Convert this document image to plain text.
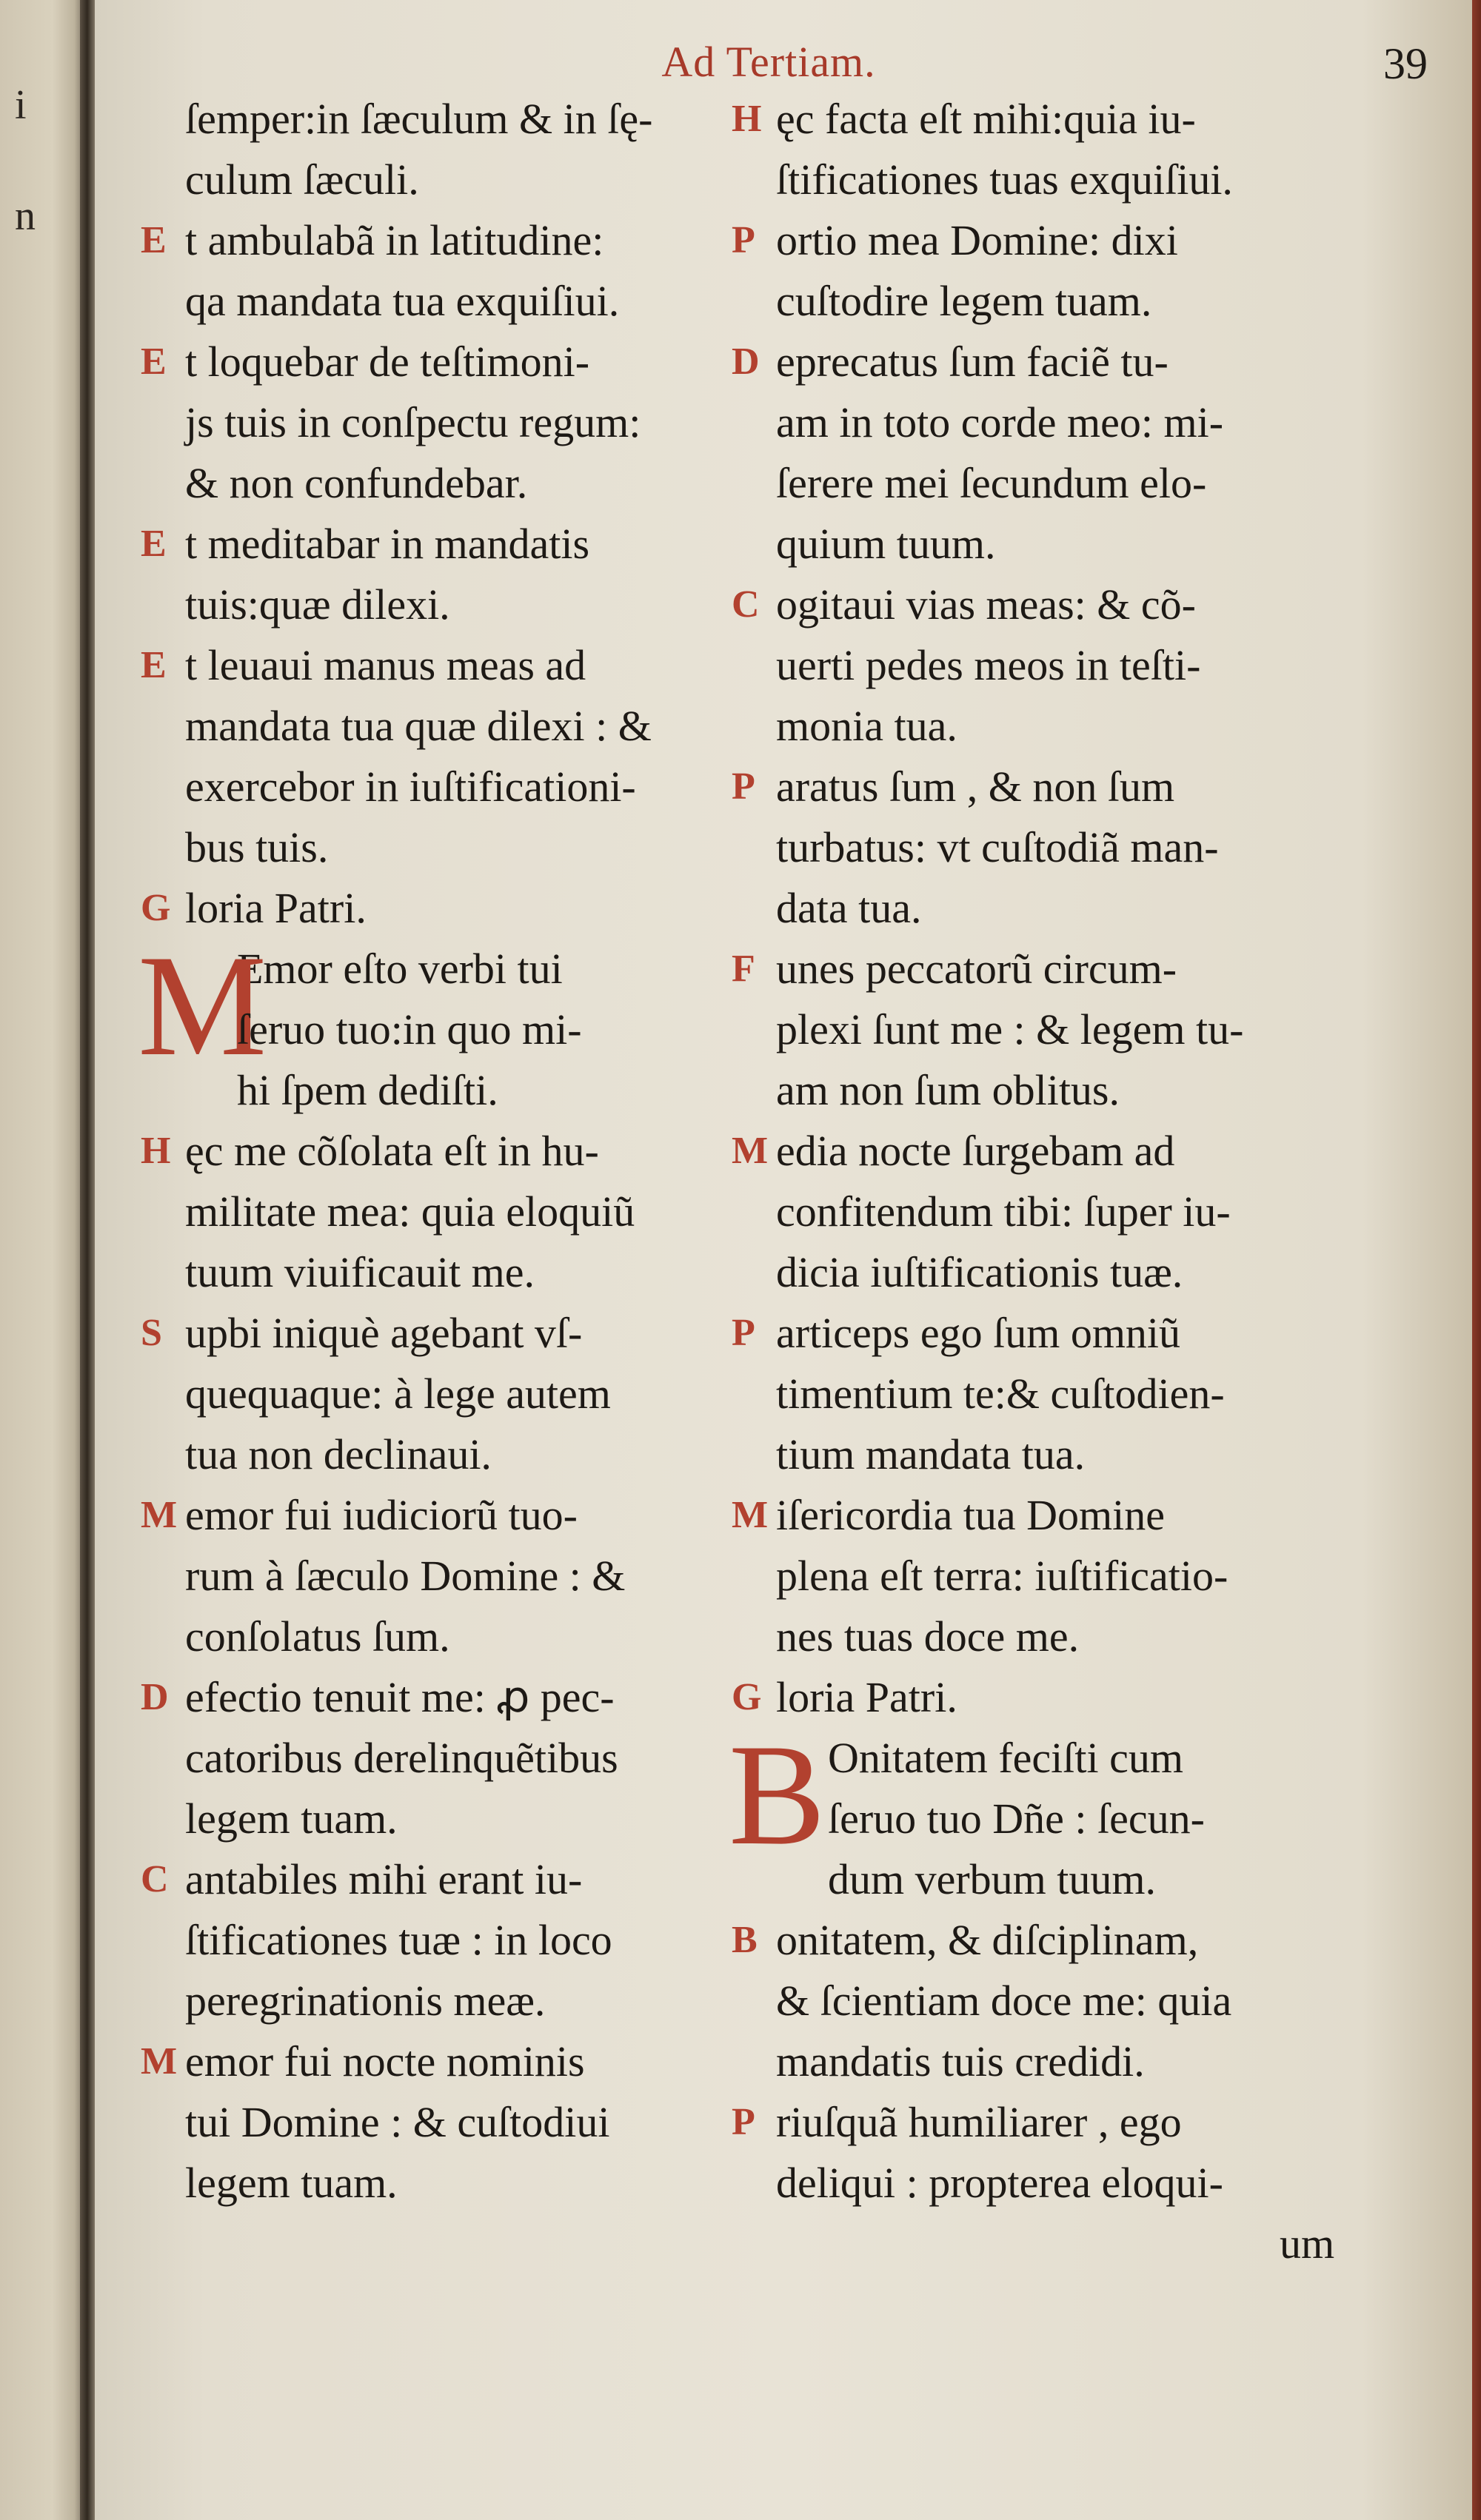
i
n
Ad Tertiam.	39
ſemper:in ſæculum & in ſę-
culum ſæculi.
E t ambulabã in latitudine:
qa mandata tua exquiſiui.
E t loquebar de teſtimoni-
js tuis in conſpectu regum:
& non confundebar.
E t meditabar in mandatis
tuis:quæ dilexi.
E t leuaui manus meas ad
mandata tua quæ dilexi : &
exercebor in iuſtificationi-
bus tuis.
G loria Patri.
M
Emor eſto verbi tui
ſeruo tuo:in quo mi-
hi ſpem dediſti.
H ęc me cõſolata eſt in hu-
militate mea: quia eloquiũ
tuum viuificauit me.
S upbi iniquè agebant vſ-
quequaque: à lege autem
tua non declinaui.
M emor fui iudiciorũ tuo-
rum à ſæculo Domine : &
conſolatus ſum.
D efectio tenuit me: ꝓ pec-
catoribus derelinquẽtibus
legem tuam.
C antabiles mihi erant iu-
ſtificationes tuæ : in loco
peregrinationis meæ.
M emor fui nocte nominis
tui Domine : & cuſtodiui
legem tuam.
H ęc facta eſt mihi:quia iu-
ſtificationes tuas exquiſiui.
P ortio mea Domine: dixi
cuſtodire legem tuam.
D eprecatus ſum faciẽ tu-
am in toto corde meo: mi-
ſerere mei ſecundum elo-
quium tuum.
C ogitaui vias meas: & cõ-
uerti pedes meos in teſti-
monia tua.
P aratus ſum , & non ſum
turbatus: vt cuſtodiã man-
data tua.
F unes peccatorũ circum-
plexi ſunt me : & legem tu-
am non ſum oblitus.
M edia nocte ſurgebam ad
confitendum tibi: ſuper iu-
dicia iuſtificationis tuæ.
P articeps ego ſum omniũ
timentium te:& cuſtodien-
tium mandata tua.
M iſericordia tua Domine
plena eſt terra: iuſtificatio-
nes tuas doce me.
G loria Patri.
B Onitatem feciſti cum
ſeruo tuo Dñe : ſecun-
dum verbum tuum.
B onitatem, & diſciplinam,
& ſcientiam doce me: quia
mandatis tuis credidi.
P riuſquã humiliarer , ego
deliqui : propterea eloqui-
um
